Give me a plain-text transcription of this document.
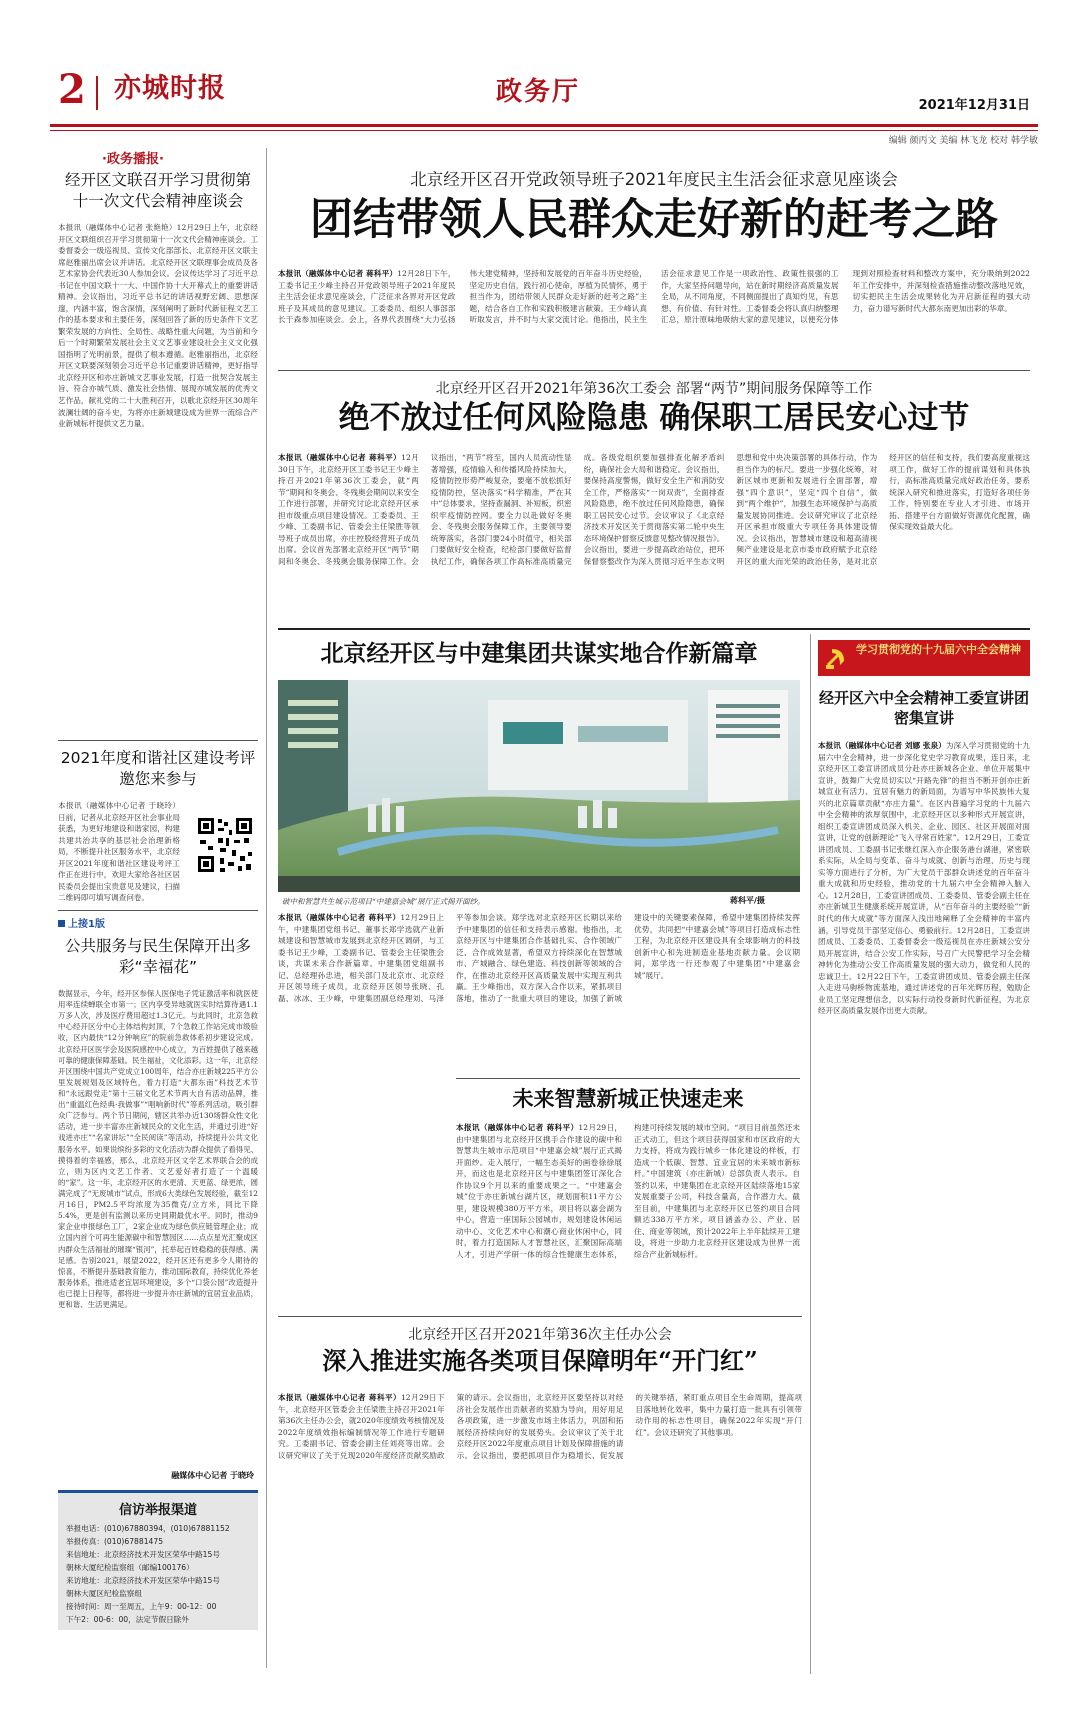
2 亦城时报	政务厅	2021年12月31日
编辑 颜丙文 美编 林飞龙 校对 韩学敏
·政务播报·
经开区文联召开学习贯彻第十一次文代会精神座谈会
本报讯（融媒体中心记者 张艳艳）12月29日上午，北京经开区文联组织召开学习贯彻第十一次文代会精神座谈会。工委督委会一级巡视员、宣传文化部部长、北京经开区文联主席赵雅丽出席会议并讲话。北京经开区文联理事会成员及各艺术家协会代表近30人参加会议。会议传达学习了习近平总书记在中国文联十一大、中国作协十大开幕式上的重要讲话精神。会议指出，习近平总书记的讲话视野宏阔、思想深邃，内涵丰富，饱含深情，深刻阐明了新时代新征程文艺工作的基本要求和主要任务，深刻回答了新的历史条件下文艺繁荣发展的方向性、全局性、战略性重大问题，为当前和今后一个时期繁荣发展社会主义文艺事业建设社会主义文化强国指明了光明前景，提供了根本遵循。赵雅丽指出，北京经开区文联要深刻领会习近平总书记重要讲话精神，更好指导北京经开区和亦庄新城文艺事业发展，打造一批契合发展主旨、符合亦城气质、激发社会热情、展现亦城发展的优秀文艺作品，献礼党的二十大胜利召开，以歌北京经开区30周年波澜壮阔的奋斗史，为将亦庄新城建设成为世界一流综合产业新城标杆提供文艺力量。
2021年度和谐社区建设考评邀您来参与
本报讯（融媒体中心记者 于晓玲）日前，记者从北京经开区社会事业局获悉，为更好地建设和谐家园，构建共建共治共享的基层社会治理新格局，不断提升社区服务水平，北京经开区2021年度和谐社区建设考评工作正在进行中，欢迎大家给各社区居民委员会提出宝贵意见及建议，扫描二维码即可填写调查问卷。
上接1版
公共服务与民生保障开出多彩“幸福花”
数据显示，今年，经开区参保人医保电子凭证激活率和就医使用率连续蝉联全市第一；区内享受异地就医实时结算待遇1.1万多人次，涉及医疗费用超过1.3亿元。与此同时，北京急救中心经开区分中心主体结构封顶，7个急救工作站完成市级验收，区内最快“12分钟响应”的院前急救体系初步建设完成。北京经开区医学会及医院感控中心成立，为百姓提供了越来越可靠的健康保障基础。民生福祉，文化添彩。这一年，北京经开区围绕中国共产党成立100周年，结合亦庄新城225平方公里发展规划及区域特色，着力打造“大都东南”科技艺术节和“永远跟党走”第十三届文化艺术节两大自有活动品牌，推出“重温红色经典·我做事”“唱响新时代”等系列活动，吸引群众广泛参与。两个节日期间，辖区共举办近130场群众性文化活动，进一步丰富亦庄新城民众的文化生活，并通过引进“好戏进亦庄”“名家讲坛”“全民阅读”等活动，持续提升公共文化服务水平。如果说缤纷多彩的文化活动为群众提供了看得见、摸得着的幸福感，那么，北京经开区文学艺术界联合会的成立，则为区内文艺工作者、文艺爱好者打造了一个温暖的“家”。这一年，北京经开区的水更清、天更蓝、绿更浓，圆满完成了“无废城市”试点，形成6大类绿色发展经验，截至12月16日，PM2.5平均浓度为35微克/立方米，同比下降5.4%，更是创有监测以来历史同期最优水平。同时，推动9家企业申报绿色工厂，2家企业成为绿色供应链管理企业；成立国内首个可再生能源碳中和智慧园区……点点星光汇聚成区内群众生活福祉的璀璨“银河”，托举起百姓稳稳的获得感、满足感。告别2021，展望2022，经开区还有更多令人期待的惊喜，不断提升基础教育能力，推动国际教育，持续优化养老服务体系，推进适老宜居环境建设，多个“口袋公园”改造提升也已提上日程等，都将进一步提升亦庄新城的宜居宜业品质，更和谐、生活更满足。
融媒体中心记者 于晓玲
信访举报渠道
举报电话：(010)67880394，(010)67881152
举报传真：(010)67881475
来信地址：北京经济技术开发区荣华中路15号
朝林大厦纪检监察组（邮编100176）
来访地址：北京经济技术开发区荣华中路15号
朝林大厦区纪检监察组
接待时间：周一至周五，上午9：00-12：00
下午2：00-6：00，法定节假日除外
北京经开区召开党政领导班子2021年度民主生活会征求意见座谈会
团结带领人民群众走好新的赶考之路
本报讯（融媒体中心记者 蒋科平）12月28日下午，工委书记王少峰主持召开党政领导班子2021年度民主生活会征求意见座谈会，广泛征求各界对开区党政班子及其成员的意见建议。工委委员、组织人事部部长于森参加座谈会。会上，各界代表围绕“大力弘扬伟大建党精神，坚持和发展党的百年奋斗历史经验，坚定历史自信，践行初心使命，厚植为民情怀，勇于担当作为，团结带领人民群众走好新的赶考之路”主题，结合各自工作和实践积极建言献策。王少峰认真听取发言，并不时与大家交流讨论。他指出，民主生活会征求意见工作是一项政治性、政策性很强的工作，大家坚持问题导向，站在新时期经济高质量发展全局，从不同角度，不同侧面提出了真知灼见，有思想、有价值、有针对性。工委督委会将认真归纳整理汇总，原汁原味地吸纳大家的意见建议，以便充分体现到对照检查材料和整改方案中，充分吸纳到2022年工作安排中，并深刻检查措施推动整改落地见效，切实把民主生活会成果转化为开启新征程的强大动力，奋力谱写新时代大都东南更加出彩的华章。
北京经开区召开2021年第36次工委会 部署“两节”期间服务保障等工作
绝不放过任何风险隐患 确保职工居民安心过节
本报讯（融媒体中心记者 蒋科平）12月30日下午，北京经开区工委书记王少峰主持召开2021年第36次工委会，就“两节”期间和冬奥会、冬残奥会期间以来安全工作进行部署，并研究讨论北京经开区承担市级重点项目建设情况。工委委员、王少峰、工委副书记、管委会主任梁胜等领导班子成员出席，亦庄控股经营班子成员出席。会议首先部署北京经开区“两节”期间和冬奥会、冬残奥会服务保障工作。会议指出，“两节”将至，国内人员流动性显著增强，疫情输入和传播风险持续加大，疫情防控形势严峻复杂，要毫不放松抓好疫情防控，坚决落实“科学精准，严在其中”总体要求，坚持查漏洞、补短板，织密织牢疫情防控网。要全力以赴做好冬奥会、冬残奥会服务保障工作，主要领导要统筹落实，各部门要24小时值守，相关部门要做好安全检查，纪检部门要做好监督执纪工作，确保各项工作高标准高质量完成。各级党组织要加强排查化解矛盾纠纷，确保社会大局和谐稳定。会议指出，要保持高度警惕，做好安全生产和消防安全工作，严格落实“一岗双责”，全面排查风险隐患，绝不放过任何风险隐患，确保职工居民安心过节。会议审议了《北京经济技术开发区关于贯彻落实第二轮中央生态环境保护督察反馈意见整改情况报告》。会议指出，要进一步提高政治站位，把环保督察整改作为深入贯彻习近平生态文明思想和党中央决策部署的具体行动，作为担当作为的标尺。要进一步强化统筹，对新区城市更新和发展进行全面部署，增强“四个意识”，坚定“四个自信”，做到“两个维护”，加强生态环境保护与高质量发展协同推进。会议研究审议了北京经开区承担市级重大专项任务具体建设情况。会议指出，智慧城市建设和超高清视频产业建设是北京市委市政府赋予北京经开区的重大而光荣的政治任务，是对北京经开区的信任和支持，我们要高度重视这项工作，做好工作的提前谋划和具体执行，高标准高质量完成好政治任务，要系统深入研究和推进落实，打造好各项任务工作，特别要在专业人才引进、市场开拓、搭建平台方面做好资源优化配置，确保实现效益最大化。
北京经开区与中建集团共谋实地合作新篇章
破中和智慧共生城示范项目“中建嘉会城”展厅正式揭开面纱。	蒋科平/摄
本报讯（融媒体中心记者 蒋科平）12月29日上午，中建集团党组书记、董事长郑学选就产业新城建设和智慧城市发展到北京经开区调研，与工委书记王少峰，工委副书记、管委会主任梁胜会谈，共谋未来合作新篇章。中建集团党组副书记、总经理孙忠进，相关部门及北京市、北京经开区领导班子成员，北京经开区领导张晓、孔磊、冰冰、王少峰，中建集团副总经理刘、马泽平等参加会谈。郑学选对北京经开区长期以来给予中建集团的信任和支持表示感谢。他指出，北京经开区与中建集团合作基础扎实、合作领域广泛、合作成效显著，希望双方持续深化在智慧城市、产城融合、绿色建造、科技创新等领域的合作，在推动北京经开区高质量发展中实现互利共赢。王少峰指出，双方深入合作以来，紧抓项目落地，推动了一批重大项目的建设，加强了新城建设中的关键要素保障，希望中建集团持续发挥优势，共同把“中建嘉会城”等项目打造成标志性工程，为北京经开区建设具有全球影响力的科技创新中心和先进制造业基地贡献力量。会议期间，郑学选一行还参观了中建集团“中建嘉会城”展厅。
未来智慧新城正快速走来
本报讯（融媒体中心记者 蒋科平）12月29日，由中建集团与北京经开区携手合作建设的碳中和智慧共生城市示范项目“中建嘉会城”展厅正式揭开面纱。走入展厅，一幅生态美好的画卷徐徐展开，而这也是北京经开区与中建集团签订深化合作协议9个月以来的重要成果之一。“中建嘉会城”位于亦庄新城台湖片区，规划面积11平方公里，建设规模380万平方米，项目将以嘉会湖为中心，营造一座国际公园城市，规划建设休闲运动中心、文化艺术中心和潮心商业休闲中心，同时，着力打造国际人才智慧社区，汇聚国际高端人才，引进产学研一体的综合性健康生态体系，构建可持续发展的城市空间。“项目目前虽然还未正式动工，但这个项目获得国家和市区政府的大力支持，将成为践行城乡一体化建设的样板，打造成一个低碳、智慧、宜业宜居的未来城市新标杆。”中国建筑（亦庄新城）总部负责人表示。自签约以来，中建集团在北京经开区陆续落地15家发展重要子公司，科技含量高，合作潜力大。截至目前，中建集团与北京经开区已签约项目合同额达338万平方米，项目涵盖办公、产业、居住、商业等领域，预计2022年上半年陆续开工建设，将进一步助力北京经开区建设成为世界一流综合产业新城标杆。
学习贯彻党的十九届六中全会精神
经开区六中全会精神工委宣讲团密集宣讲
本报讯（融媒体中心记者 刘娜 张泉）为深入学习贯彻党的十九届六中全会精神，进一步深化党史学习教育成果，连日来，北京经开区工委宣讲团成员分赴亦庄新城各企业、单位开展集中宣讲，鼓舞广大党员切实以“开路先锋”的担当不断开创亦庄新城宣业有活力、宜居有魅力的新局面，为谱写中华民族伟大复兴的北京篇章贡献“亦庄力量”。在区内普遍学习党的十九届六中全会精神的浓厚氛围中，北京经开区以多种形式开展宣讲，组织工委宣讲团成员深入机关、企业、园区、社区开展面对面宣讲，让党的创新理论“飞入寻常百姓家”。12月29日，工委宣讲团成员、工委副书记张继红深入亦企服务港台湖港，紧密联系实际，从全局与变革、奋斗与成就、创新与治理、历史与现实等方面进行了分析，为广大党员干部群众讲述党的百年奋斗重大成就和历史经验，推动党的十九届六中全会精神入脑入心。12月28日，工委宣讲团成员、工委委员、管委会副主任在亦庄新城卫生健康系统开展宣讲，从“百年奋斗的主要经验”“新时代的伟大成就”等方面深入浅出地阐释了全会精神的丰富内涵，引导党员干部坚定信心、勇毅前行。12月28日，工委宣讲团成员、工委委员、工委督委会一级巡视员在亦庄新城公安分局开展宣讲，结合公安工作实际，号召广大民警把学习全会精神转化为推动公安工作高质量发展的强大动力，做党和人民的忠诚卫士。12月22日下午，工委宣讲团成员、管委会副主任深入走进马驹桥物流基地，通过讲述党的百年光辉历程，勉励企业员工坚定理想信念，以实际行动投身新时代新征程，为北京经开区高质量发展作出更大贡献。
北京经开区召开2021年第36次主任办公会
深入推进实施各类项目保障明年“开门红”
本报讯（融媒体中心记者 蒋科平）12月29日下午，北京经开区管委会主任梁胜主持召开2021年第36次主任办公会，就2020年度绩效考核情况及2022年度绩效指标编制情况等工作进行专题研究。工委副书记、管委会副主任刘亮等出席。会议研究审议了关于兑现2020年度经济贡献奖励政策的请示。会议指出，北京经开区要坚持以对经济社会发展作出贡献者的奖励为导向，用好用足各项政策，进一步激发市场主体活力，巩固和拓展经济持续向好的发展势头。会议审议了关于北京经开区2022年度重点项目计划及保障措施的请示。会议指出，要把抓项目作为稳增长、促发展的关键举措，紧盯重点项目全生命周期，提高项目落地转化效率，集中力量打造一批具有引领带动作用的标志性项目，确保2022年实现“开门红”。会议还研究了其他事项。
